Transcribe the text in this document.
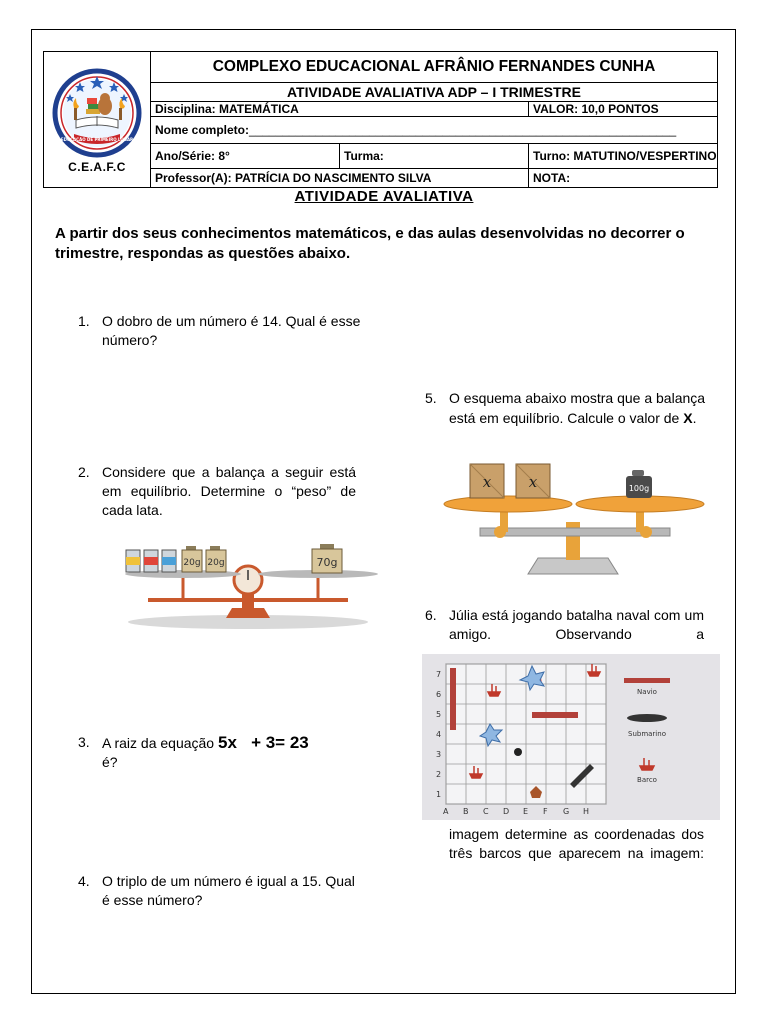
EDUCAÇÃO DE PRIMEIRO LUGAR
C.E.A.F.C	COMPLEXO EDUCACIONAL AFRÂNIO FERNANDES CUNHA		
	ATIVIDADE AVALIATIVA ADP – I TRIMESTRE		
	Disciplina: MATEMÁTICA		VALOR: 10,0 PONTOS
	Nome completo:________________________________________________________________		
	Ano/Série: 8°	Turma:	Turno: MATUTINO/VESPERTINO
	Professor(A): PATRÍCIA DO NASCIMENTO SILVA		NOTA:
ATIVIDADE AVALIATIVA
A partir dos seus conhecimentos matemáticos, e das aulas desenvolvidas no decorrer o trimestre, respondas as questões abaixo.
1. O dobro de um número é 14. Qual é esse número?
2. Considere que a balança a seguir está em equilíbrio. Determine o “peso” de cada lata.
20g 20g	70g
3. A raiz da equação 5x   + 3= 23
é?
4. O triplo de um número é igual a 15. Qual é esse número?
5. O esquema abaixo mostra que a balança está em equilíbrio. Calcule o valor de X.
x	x	100g
6. Júlia está jogando batalha naval com um amigo. Observando a
7
6
5
4
3
2
1
A B C D E F G H
Navio
Submarino
Barco
imagem determine as coordenadas dos três barcos que aparecem na imagem:
